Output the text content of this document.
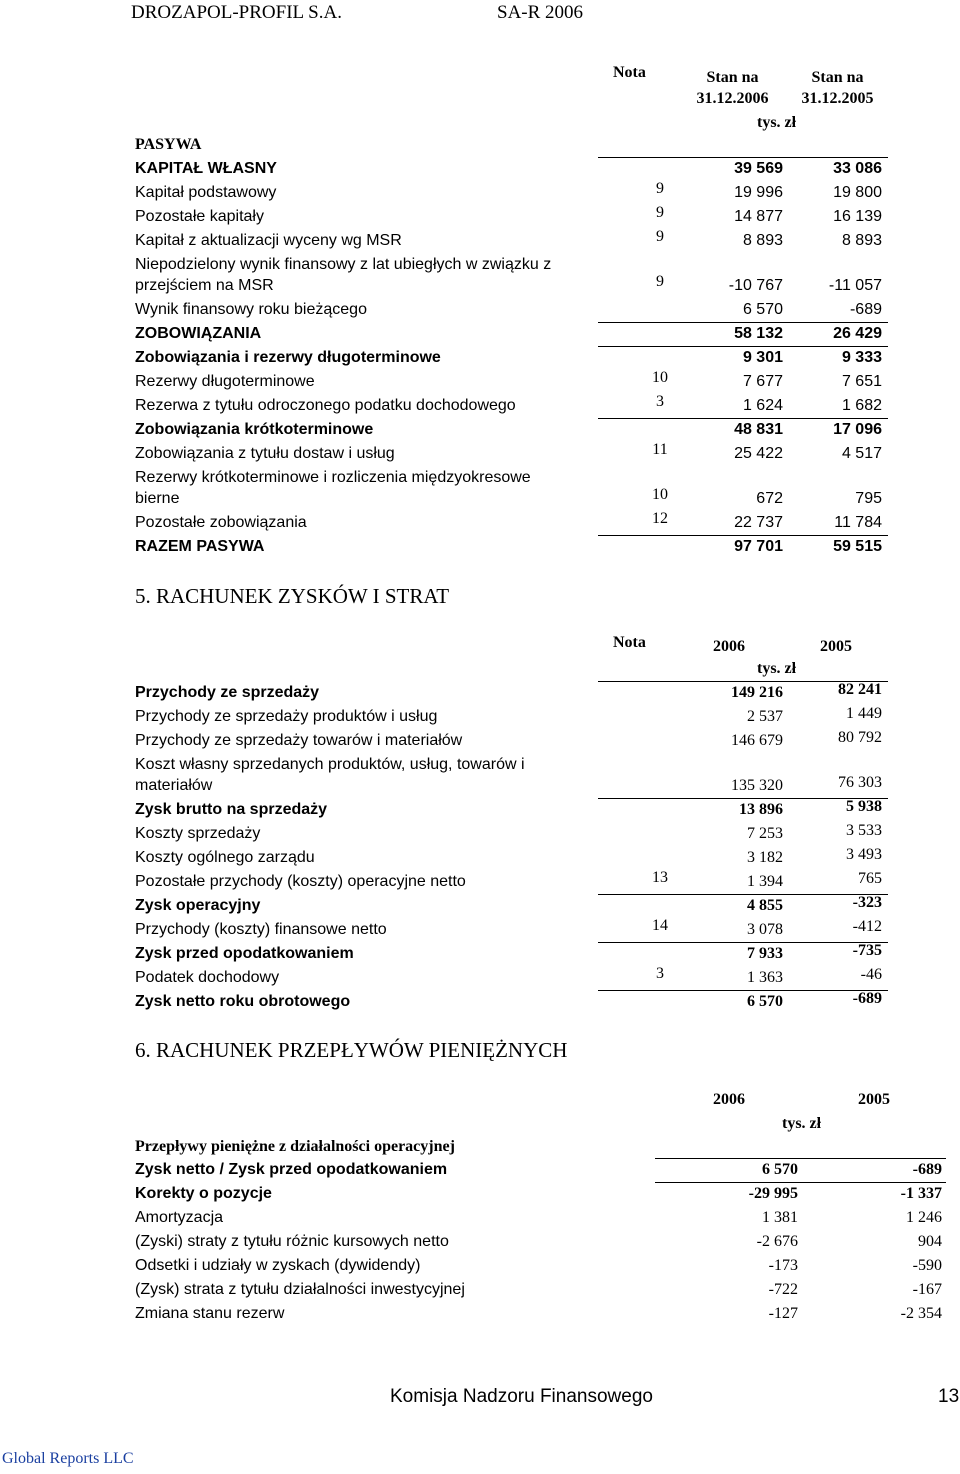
DROZAPOL-PROFIL S.A.	SA-R 2006
Nota	Stan na
31.12.2006
Stan na
31.12.2005
tys. zł
PASYWA
KAPITAŁ WŁASNY	39 569	33 086
Kapitał podstawowy	9	19 996	19 800
Pozostałe kapitały	9	14 877	16 139
Kapitał z aktualizacji wyceny wg MSR	9	8 893	8 893
Niepodzielony wynik finansowy z lat ubiegłych w związku z
przejściem na MSR	9	-10 767	-11 057
Wynik finansowy roku bieżącego	6 570	-689
ZOBOWIĄZANIA	58 132	26 429
Zobowiązania i rezerwy długoterminowe	9 301	9 333
Rezerwy długoterminowe	10	7 677	7 651
Rezerwa z tytułu odroczonego podatku dochodowego	3	1 624	1 682
Zobowiązania krótkoterminowe	48 831	17 096
Zobowiązania z tytułu dostaw i usług	11	25 422	4 517
Rezerwy krótkoterminowe i rozliczenia międzyokresowe
bierne	10	672	795
Pozostałe zobowiązania	12	22 737	11 784
RAZEM PASYWA	97 701	59 515
5. RACHUNEK ZYSKÓW I STRAT
Nota	2006	2005
tys. zł
Przychody ze sprzedaży	149 216	82 241
Przychody ze sprzedaży produktów i usług	2 537	1 449
Przychody ze sprzedaży towarów i materiałów	146 679	80 792
Koszt własny sprzedanych produktów, usług, towarów i
materiałów	135 320	76 303
Zysk brutto na sprzedaży	13 896	5 938
Koszty sprzedaży	7 253	3 533
Koszty ogólnego zarządu	3 182	3 493
Pozostałe przychody (koszty) operacyjne netto	13	1 394	765
Zysk operacyjny	4 855	-323
Przychody (koszty) finansowe netto	14	3 078	-412
Zysk przed opodatkowaniem	7 933	-735
Podatek dochodowy	3	1 363	-46
Zysk netto roku obrotowego	6 570	-689
6. RACHUNEK PRZEPŁYWÓW PIENIĘŻNYCH
2006	2005
tys. zł
Przepływy pieniężne z działalności operacyjnej
Zysk netto / Zysk przed opodatkowaniem	6 570	-689
Korekty o pozycje	-29 995	-1 337
Amortyzacja	1 381	1 246
(Zyski) straty z tytułu różnic kursowych netto	-2 676	904
Odsetki i udziały w zyskach (dywidendy)	-173	-590
(Zysk) strata z tytułu działalności inwestycyjnej	-722	-167
Zmiana stanu rezerw	-127	-2 354
Komisja Nadzoru Finansowego	13
Global Reports LLC
